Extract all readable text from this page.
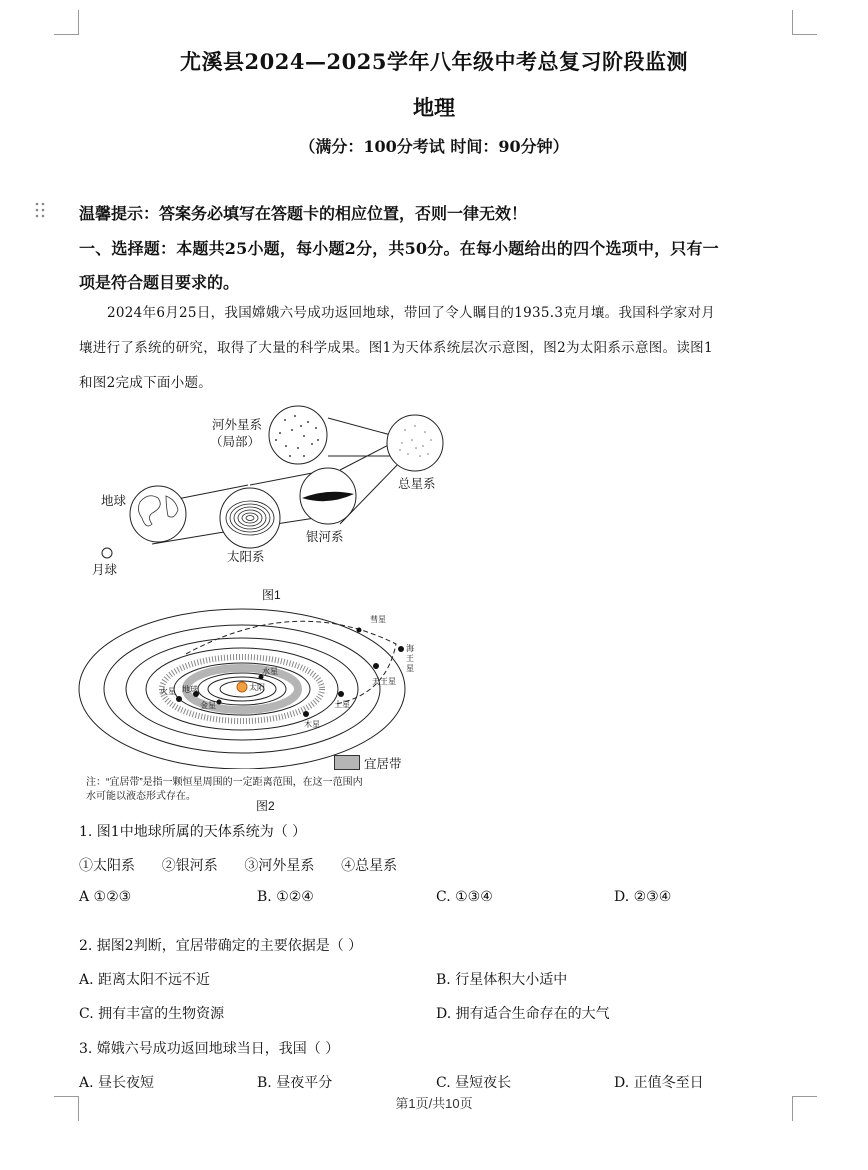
尤溪县2024—2025学年八年级中考总复习阶段监测
地理
（满分：100分考试 时间：90分钟）
温馨提示：答案务必填写在答题卡的相应位置，否则一律无效！
一、选择题：本题共25小题，每小题2分，共50分。在每小题给出的四个选项中，只有一
项是符合题目要求的。
2024年6月25日，我国嫦娥六号成功返回地球，带回了令人瞩目的1935.3克月壤。我国科学家对月
壤进行了系统的研究，取得了大量的科学成果。图1为天体系统层次示意图，图2为太阳系示意图。读图1
和图2完成下面小题。
河外星系
（局部）
总星系
地球
太阳系
银河系
月球
图1
彗星
海王星
天王星
土星
木星
火星 地球
金星
水星
太阳
宜居带
注：“宜居带”是指一颗恒星周围的一定距离范围，在这一范围内
水可能以液态形式存在。
图2
1. 图1中地球所属的天体系统为（ ）
①太阳系      ②银河系      ③河外星系      ④总星系
A ①②③	B. ①②④	C. ①③④	D. ②③④
2. 据图2判断，宜居带确定的主要依据是（ ）
A. 距离太阳不远不近	B. 行星体积大小适中
C. 拥有丰富的生物资源	D. 拥有适合生命存在的大气
3. 嫦娥六号成功返回地球当日，我国（ ）
A. 昼长夜短	B. 昼夜平分	C. 昼短夜长	D. 正值冬至日
第1页/共10页
